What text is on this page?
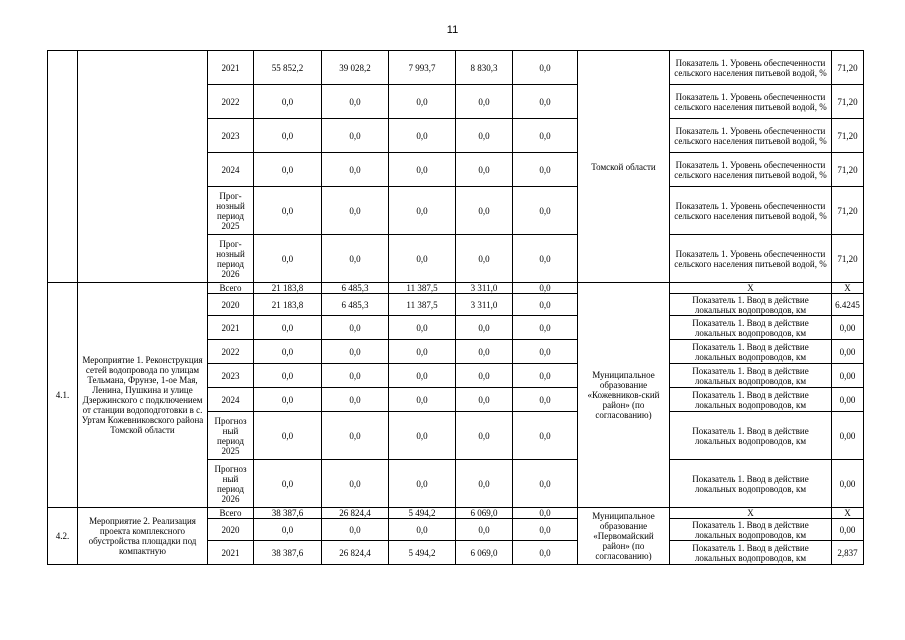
11
		2021	55 852,2	39 028,2	7 993,7	8 830,3	0,0	Томской области	Показатель 1. Уровень обеспеченности сельского населения питьевой водой, %	71,20
		2022	0,0	0,0	0,0	0,0	0,0		Показатель 1. Уровень обеспеченности сельского населения питьевой водой, %	71,20
		2023	0,0	0,0	0,0	0,0	0,0		Показатель 1. Уровень обеспеченности сельского населения питьевой водой, %	71,20
		2024	0,0	0,0	0,0	0,0	0,0		Показатель 1. Уровень обеспеченности сельского населения питьевой водой, %	71,20
		Прог-нозный период 2025	0,0	0,0	0,0	0,0	0,0		Показатель 1. Уровень обеспеченности сельского населения питьевой водой, %	71,20
		Прог-нозный период 2026	0,0	0,0	0,0	0,0	0,0		Показатель 1. Уровень обеспеченности сельского населения питьевой водой, %	71,20
4.1.	Мероприятие 1. Реконструкция сетей водопровода по улицам Тельмана, Фрунзе, 1-ое Мая, Ленина, Пушкина и улице Дзержинского с подключением от станции водоподготовки в с. Уртам Кожевниковского района Томской области	Всего	21 183,8	6 485,3	11 387,5	3 311,0	0,0	Муниципальное образование «Кожевников-ский район» (по согласованию)	X	X
		2020	21 183,8	6 485,3	11 387,5	3 311,0	0,0		Показатель 1. Ввод в действие локальных водопроводов, км	6.4245
		2021	0,0	0,0	0,0	0,0	0,0		Показатель 1. Ввод в действие локальных водопроводов, км	0,00
		2022	0,0	0,0	0,0	0,0	0,0		Показатель 1. Ввод в действие локальных водопроводов, км	0,00
		2023	0,0	0,0	0,0	0,0	0,0		Показатель 1. Ввод в действие локальных водопроводов, км	0,00
		2024	0,0	0,0	0,0	0,0	0,0		Показатель 1. Ввод в действие локальных водопроводов, км	0,00
		Прогноз ный период 2025	0,0	0,0	0,0	0,0	0,0		Показатель 1. Ввод в действие локальных водопроводов, км	0,00
		Прогноз ный период 2026	0,0	0,0	0,0	0,0	0,0		Показатель 1. Ввод в действие локальных водопроводов, км	0,00
4.2.	Мероприятие 2. Реализация проекта комплексного обустройства площадки под компактную	Всего	38 387,6	26 824,4	5 494,2	6 069,0	0,0	Муниципальное образование «Первомайский район» (по согласованию)	X	X
		2020	0,0	0,0	0,0	0,0	0,0		Показатель 1. Ввод в действие локальных водопроводов, км	0,00
		2021	38 387,6	26 824,4	5 494,2	6 069,0	0,0		Показатель 1. Ввод в действие локальных водопроводов, км	2,837
